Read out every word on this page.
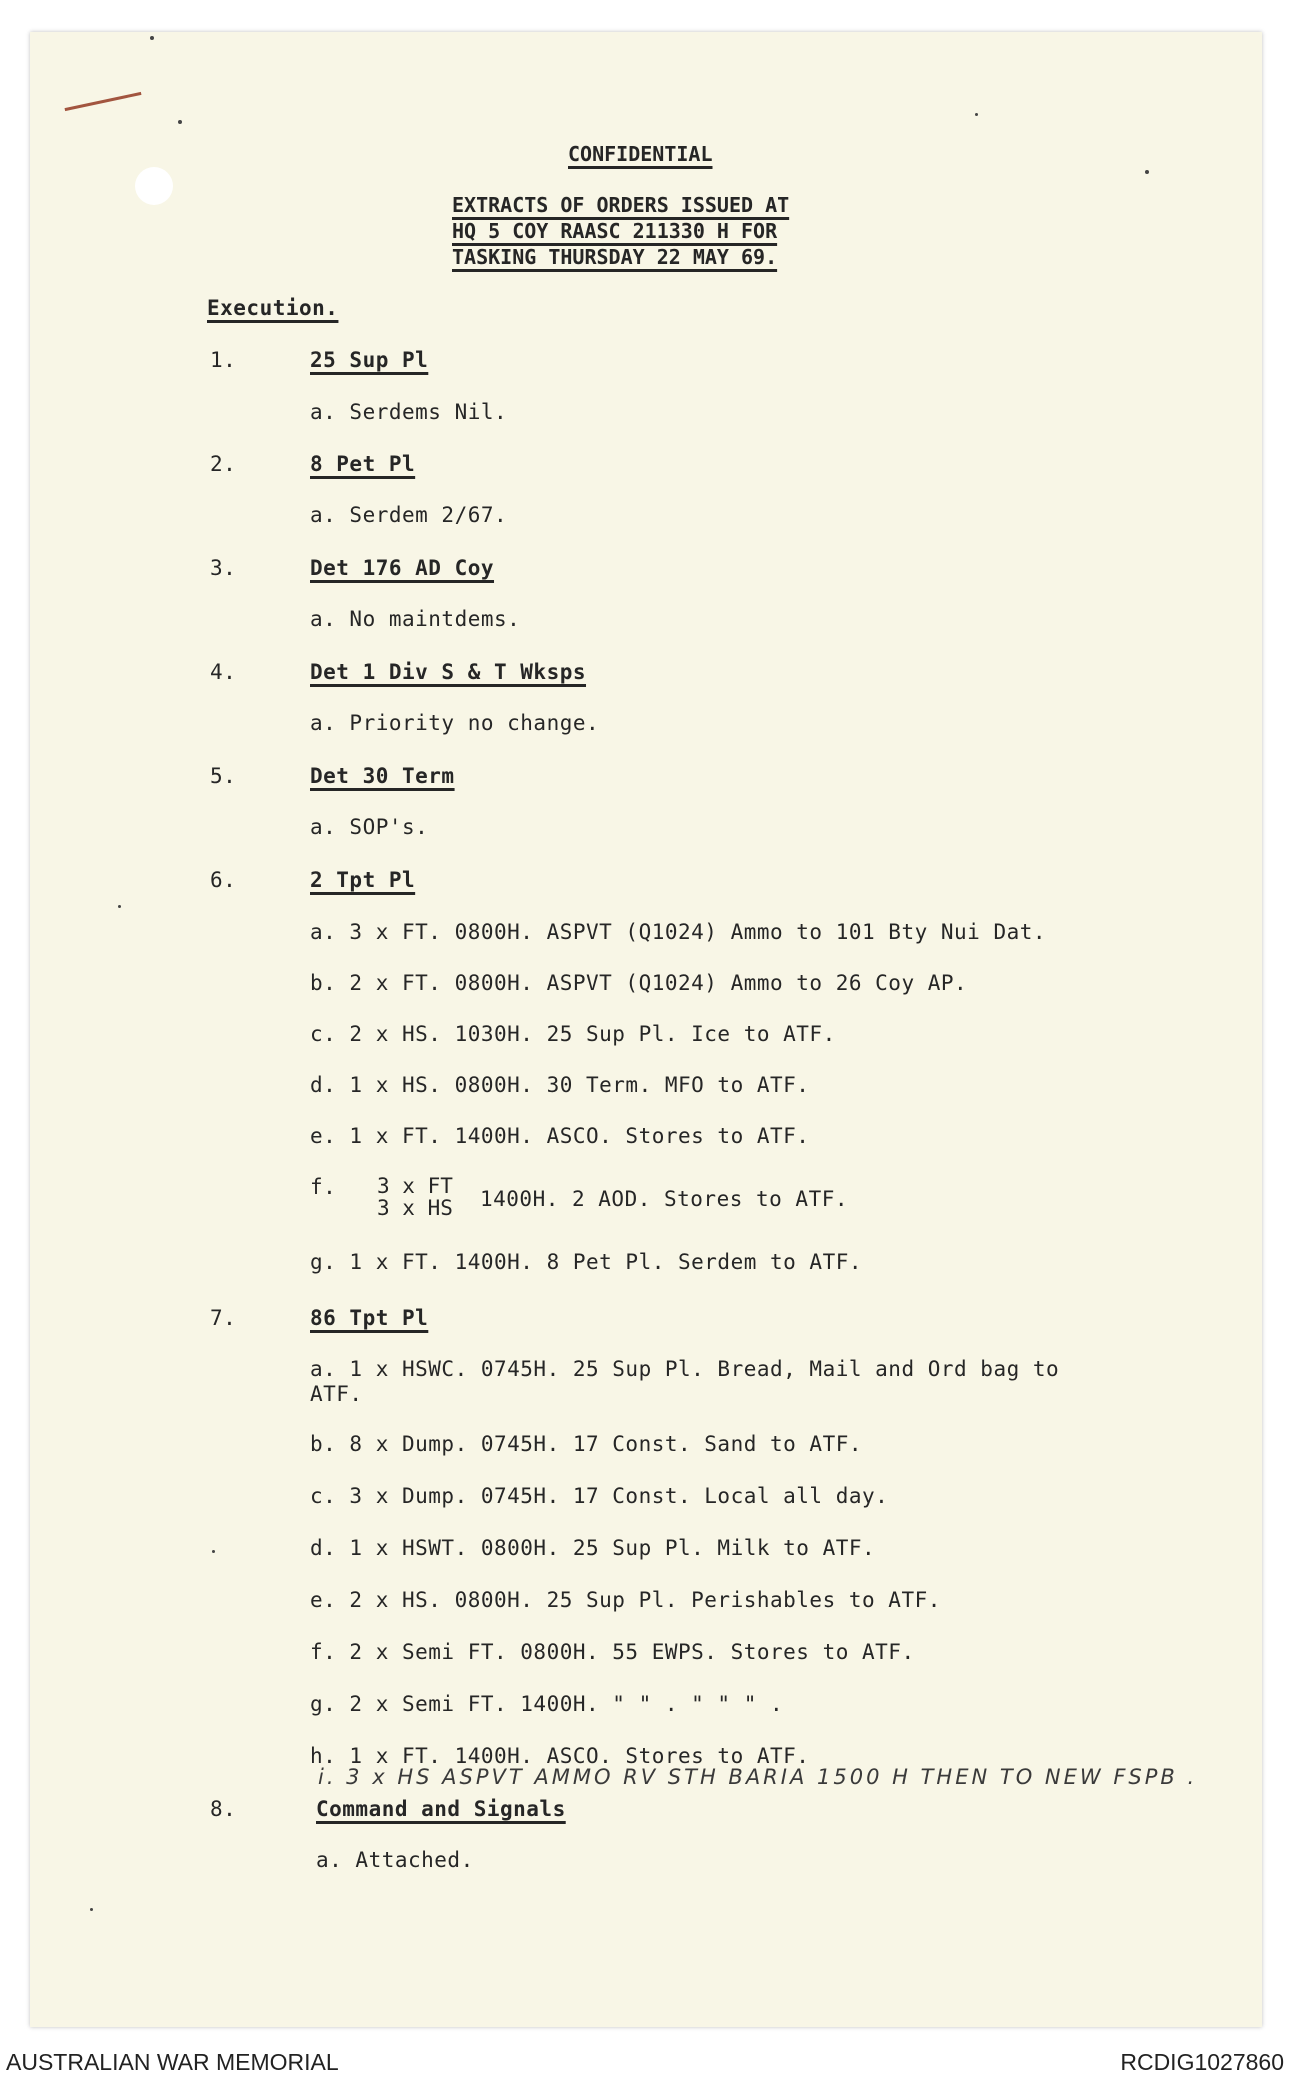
CONFIDENTIAL
EXTRACTS OF ORDERS ISSUED AT
HQ 5 COY RAASC 211330 H FOR
TASKING THURSDAY 22 MAY 69.
Execution.
1.	25 Sup Pl
a. Serdems Nil.
2.	8 Pet Pl
a. Serdem 2/67.
3.	Det 176 AD Coy
a. No maintdems.
4.	Det 1 Div S & T Wksps
a. Priority no change.
5.	Det 30 Term
a. SOP's.
6.	2 Tpt Pl
a. 3 x FT. 0800H. ASPVT (Q1024) Ammo to 101 Bty Nui Dat.
b. 2 x FT. 0800H. ASPVT (Q1024) Ammo to 26 Coy AP.
c. 2 x HS. 1030H. 25 Sup Pl. Ice to ATF.
d. 1 x HS. 0800H. 30 Term. MFO to ATF.
e. 1 x FT. 1400H. ASCO. Stores to ATF.
f. 3 x FT
3 x HS 1400H. 2 AOD. Stores to ATF.
g. 1 x FT. 1400H. 8 Pet Pl. Serdem to ATF.
7.	86 Tpt Pl
a. 1 x HSWC. 0745H. 25 Sup Pl. Bread, Mail and Ord bag to
ATF.
b. 8 x Dump. 0745H. 17 Const. Sand to ATF.
c. 3 x Dump. 0745H. 17 Const. Local all day.
d. 1 x HSWT. 0800H. 25 Sup Pl. Milk to ATF.
e. 2 x HS. 0800H. 25 Sup Pl. Perishables to ATF.
f. 2 x Semi FT. 0800H. 55 EWPS. Stores to ATF.
g. 2 x Semi FT. 1400H. " " . " " " .
h. 1 x FT. 1400H. ASCO. Stores to ATF.
i. 3 x HS ASPVT AMMO RV STH BARIA 1500 H THEN TO NEW FSPB .
8.	Command and Signals
a. Attached.
AUSTRALIAN WAR MEMORIAL	RCDIG1027860
